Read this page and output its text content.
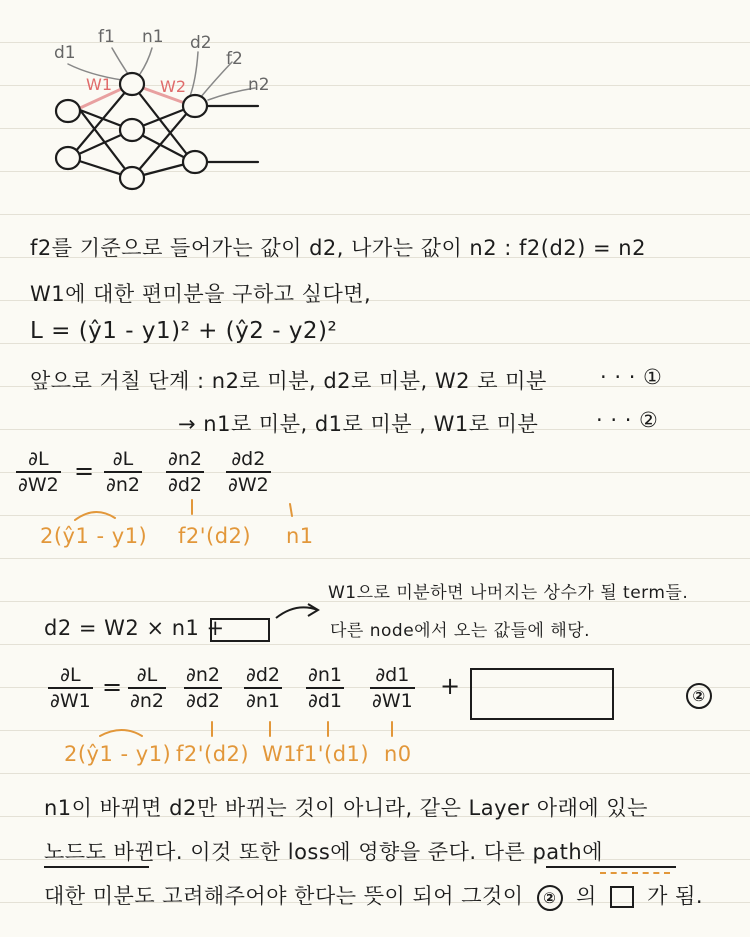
d1
f1 n1 d2
f2
n2
W1	W2
f2를 기준으로 들어가는 값이 d2, 나가는 값이 n2 : f2(d2) = n2
W1에 대한 편미분을 구하고 싶다면,
L = (ŷ1 - y1)² + (ŷ2 - y2)²
앞으로 거칠 단계 : n2로 미분, d2로 미분, W2 로 미분	· · · ①
→ n1로 미분, d1로 미분 , W1로 미분	· · · ②
∂L
∂W2 = ∂L
∂n2
∂n2
∂d2
∂d2
∂W2
2(ŷ1 - y1) f2'(d2) n1
W1으로 미분하면 나머지는 상수가 될 term들.
d2 = W2 × n1 +	다른 node에서 오는 값들에 해당.
∂L
∂W1 = ∂L
∂n2
∂n2
∂d2
∂d2
∂n1
∂n1
∂d1
∂d1
∂W1
+	②
2(ŷ1 - y1) f2'(d2) W1
f1'(d1) n0
n1이 바뀌면 d2만 바뀌는 것이 아니라, 같은 Layer 아래에 있는
노드도 바뀐다. 이것 또한 loss에 영향을 준다. 다른 path에
대한 미분도 고려해주어야 한다는 뜻이 되어 그것이 ② 의 가 됨.
